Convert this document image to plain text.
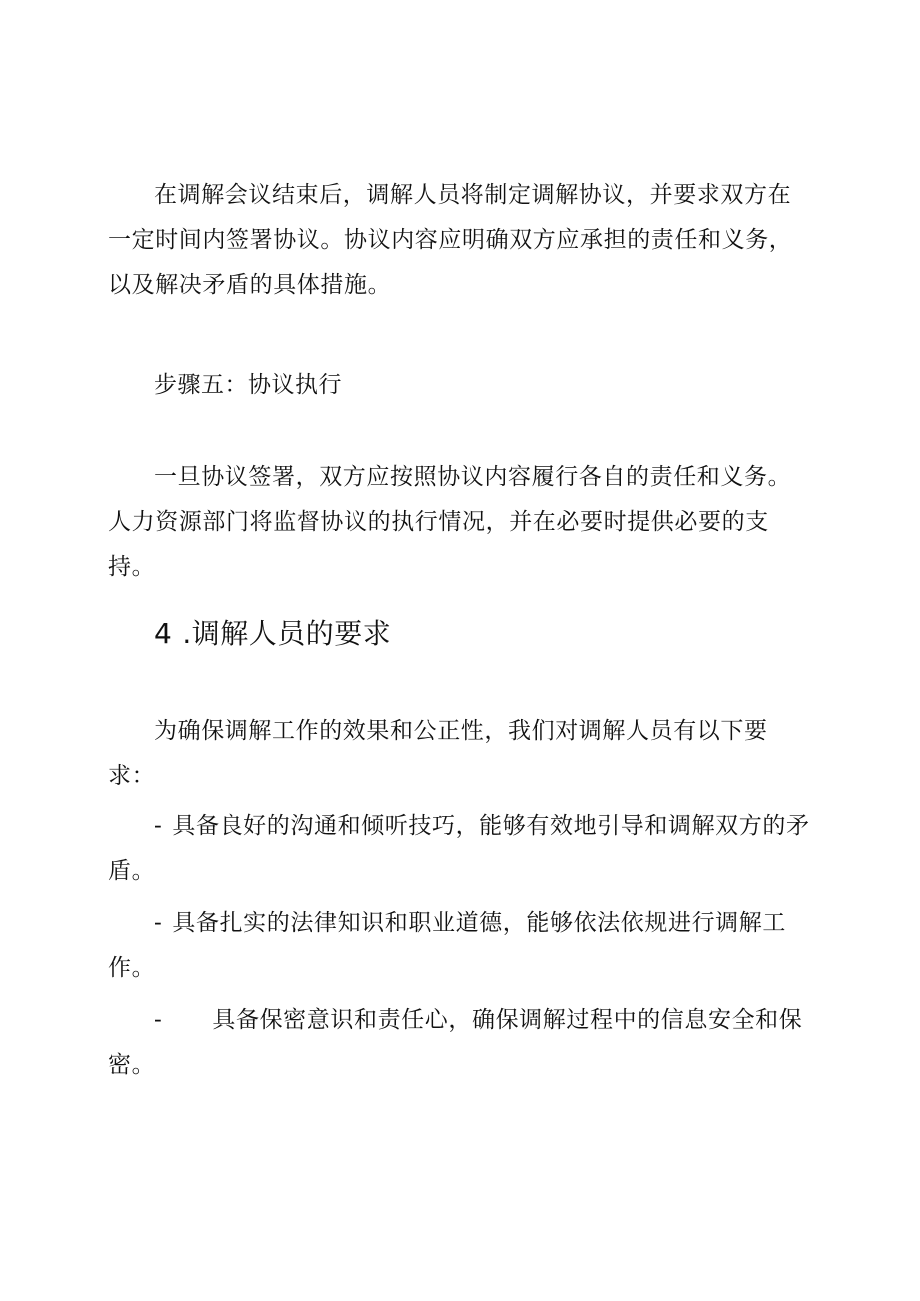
在调解会议结束后，调解人员将制定调解协议，并要求双方在一定时间内签署协议。协议内容应明确双方应承担的责任和义务，以及解决矛盾的具体措施。

步骤五：协议执行

一旦协议签署，双方应按照协议内容履行各自的责任和义务。人力资源部门将监督协议的执行情况，并在必要时提供必要的支持。

4 .调解人员的要求

为确保调解工作的效果和公正性，我们对调解人员有以下要求：

- 具备良好的沟通和倾听技巧，能够有效地引导和调解双方的矛
盾。
- 具备扎实的法律知识和职业道德，能够依法依规进行调解工
作。
- 具备保密意识和责任心，确保调解过程中的信息安全和保
密。
